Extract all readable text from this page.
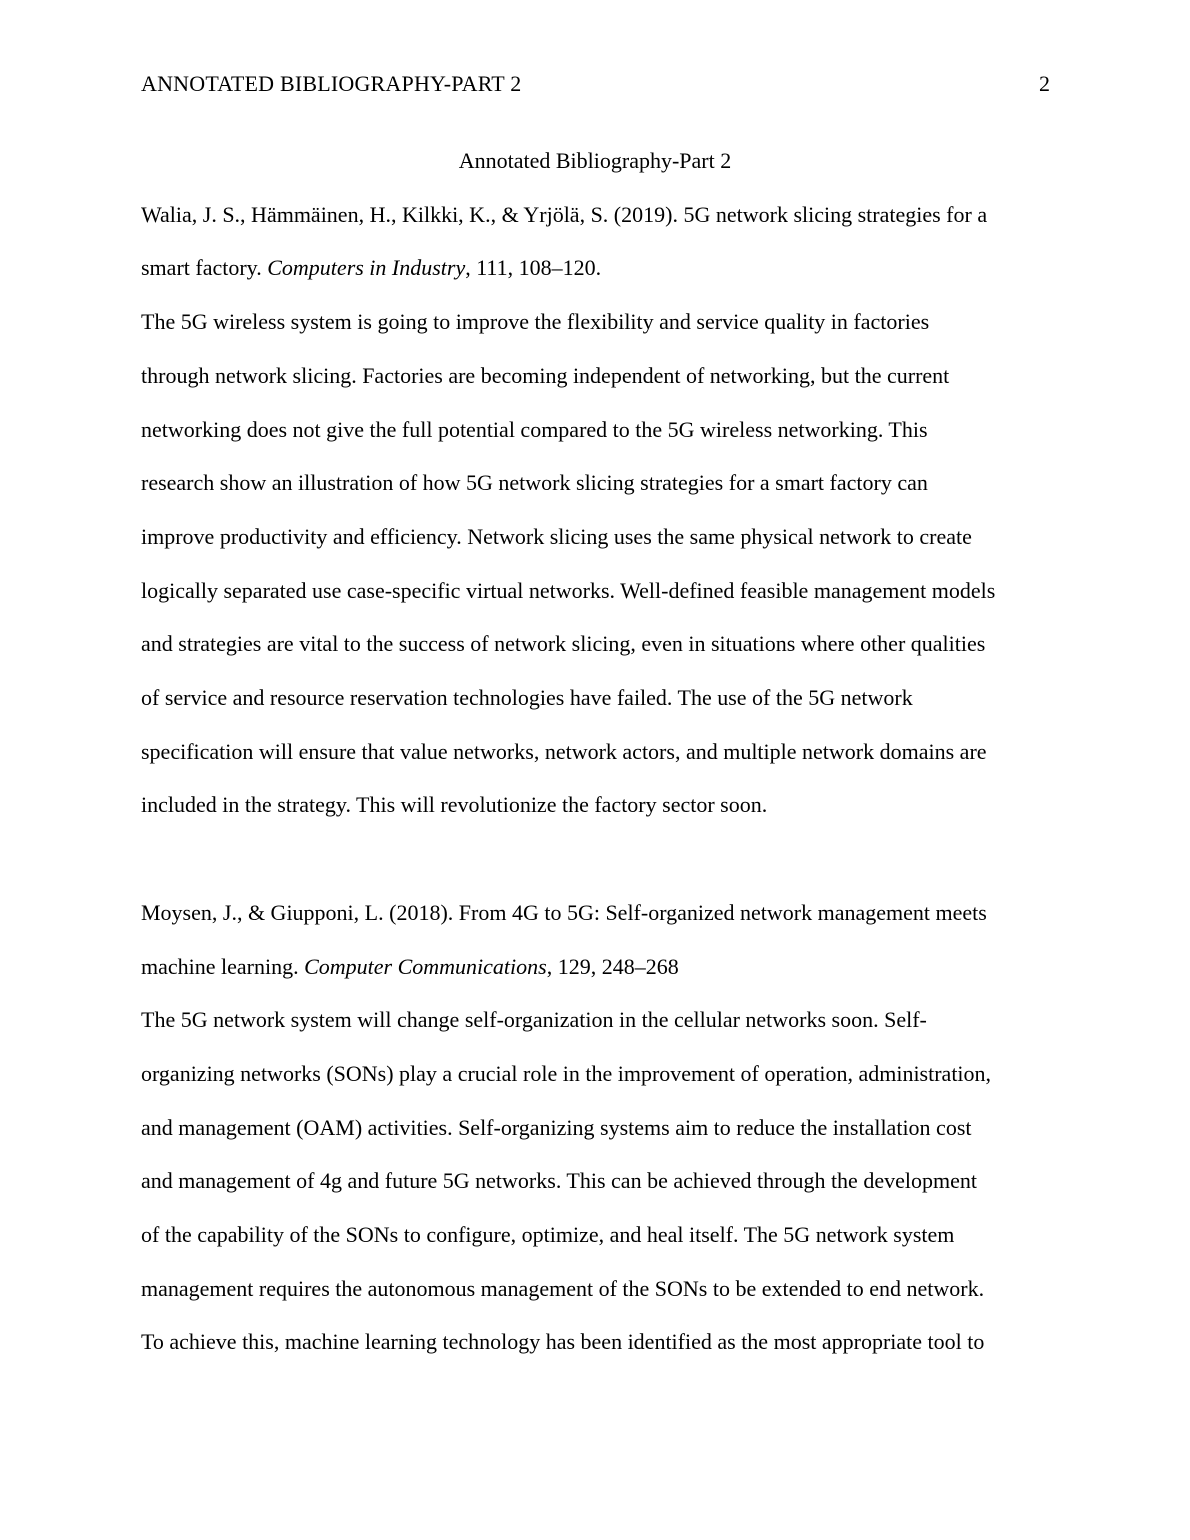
ANNOTATED BIBLIOGRAPHY-PART 2	2
Annotated Bibliography-Part 2
Walia, J. S., Hämmäinen, H., Kilkki, K., & Yrjölä, S. (2019). 5G network slicing strategies for a
smart factory. Computers in Industry, 111, 108–120.
The 5G wireless system is going to improve the flexibility and service quality in factories
through network slicing. Factories are becoming independent of networking, but the current
networking does not give the full potential compared to the 5G wireless networking. This
research show an illustration of how 5G network slicing strategies for a smart factory can
improve productivity and efficiency. Network slicing uses the same physical network to create
logically separated use case-specific virtual networks. Well-defined feasible management models
and strategies are vital to the success of network slicing, even in situations where other qualities
of service and resource reservation technologies have failed. The use of the 5G network
specification will ensure that value networks, network actors, and multiple network domains are
included in the strategy. This will revolutionize the factory sector soon.
Moysen, J., & Giupponi, L. (2018). From 4G to 5G: Self-organized network management meets
machine learning. Computer Communications, 129, 248–268
The 5G network system will change self-organization in the cellular networks soon. Self-
organizing networks (SONs) play a crucial role in the improvement of operation, administration,
and management (OAM) activities. Self-organizing systems aim to reduce the installation cost
and management of 4g and future 5G networks. This can be achieved through the development
of the capability of the SONs to configure, optimize, and heal itself. The 5G network system
management requires the autonomous management of the SONs to be extended to end network.
To achieve this, machine learning technology has been identified as the most appropriate tool to
